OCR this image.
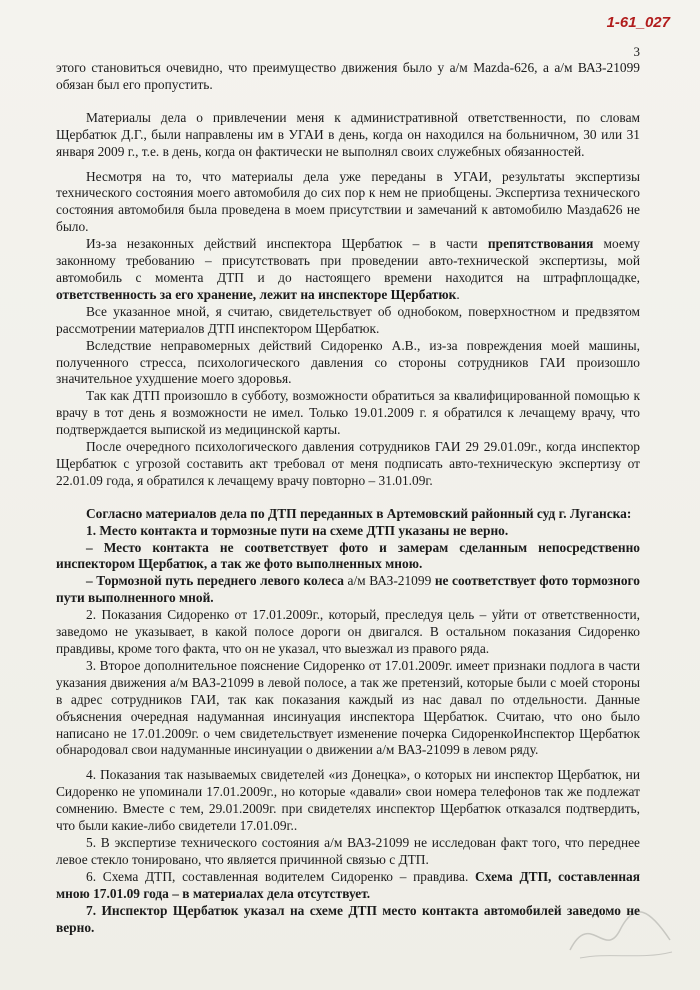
1-61_027
3

этого становиться очевидно, что преимущество движения было у а/м Mazda-626, а а/м ВАЗ-21099 обязан был его пропустить.

Материалы дела о привлечении меня к административной ответственности, по словам Щербатюк Д.Г., были направлены им в УГАИ в день, когда он находился на больничном, 30 или 31 января 2009 г., т.е. в день, когда он фактически не выполнял своих служебных обязанностей.

Несмотря на то, что материалы дела уже переданы в УГАИ, результаты экспертизы технического состояния моего автомобиля до сих пор к нем не приобщены. Экспертиза технического состояния автомобиля была проведена в моем присутствии и замечаний к автомобилю Мазда626 не было.

Из-за незаконных действий инспектора Щербатюк – в части препятствования моему законному требованию – присутствовать при проведении авто-технической экспертизы, мой автомобиль с момента ДТП и до настоящего времени находится на штрафплощадке, ответственность за его хранение, лежит на инспекторе Щербатюк.

Все указанное мной, я считаю, свидетельствует об однобоком, поверхностном и предвзятом рассмотрении материалов ДТП инспектором Щербатюк.

Вследствие неправомерных действий Сидоренко А.В., из-за повреждения моей машины, полученного стресса, психологического давления со стороны сотрудников ГАИ произошло значительное ухудшение моего здоровья.

Так как ДТП произошло в субботу, возможности обратиться за квалифицированной помощью к врачу в тот день я возможности не имел. Только 19.01.2009 г. я обратился к лечащему врачу, что подтверждается выпиской из медицинской карты.

После очередного психологического давления сотрудников ГАИ 29 29.01.09г., когда инспектор Щербатюк с угрозой составить акт требовал от меня подписать авто-техническую экспертизу от 22.01.09 года, я обратился к лечащему врачу повторно – 31.01.09г.

Согласно материалов дела по ДТП переданных в Артемовский районный суд г. Луганска:

1. Место контакта и тормозные пути на схеме ДТП указаны не верно.

– Место контакта не соответствует фото и замерам сделанным непосредственно инспектором Щербатюк, а так же фото выполненных мною.

– Тормозной путь переднего левого колеса а/м ВАЗ-21099 не соответствует фото тормозного пути выполненного мной.

2. Показания Сидоренко от 17.01.2009г., который, преследуя цель – уйти от ответственности, заведомо не указывает, в какой полосе дороги он двигался. В остальном показания Сидоренко правдивы, кроме того факта, что он не указал, что выезжал из правого ряда.

3. Второе дополнительное пояснение Сидоренко от 17.01.2009г. имеет признаки подлога в части указания движения а/м ВАЗ-21099 в левой полосе, а так же претензий, которые были с моей стороны в адрес сотрудников ГАИ, так как показания каждый из нас давал по отдельности. Данные объяснения очередная надуманная инсинуация инспектора Щербатюк. Считаю, что оно было написано не 17.01.2009г. о чем свидетельствует изменение почерка СидоренкоИнспектор Щербатюк обнародовал свои надуманные инсинуации о движении а/м ВАЗ-21099 в левом ряду.

4. Показания так называемых свидетелей «из Донецка», о которых ни инспектор Щербатюк, ни Сидоренко не упоминали 17.01.2009г., но которые «давали» свои номера телефонов так же подлежат сомнению. Вместе с тем, 29.01.2009г. при свидетелях инспектор Щербатюк отказался подтвердить, что были какие-либо свидетели 17.01.09г..

5. В экспертизе технического состояния а/м ВАЗ-21099 не исследован факт того, что переднее левое стекло тонировано, что является причинной связью с ДТП.

6. Схема ДТП, составленная водителем Сидоренко – правдива. Схема ДТП, составленная мною 17.01.09 года – в материалах дела отсутствует.

7. Инспектор Щербатюк указал на схеме ДТП место контакта автомобилей заведомо не верно.
